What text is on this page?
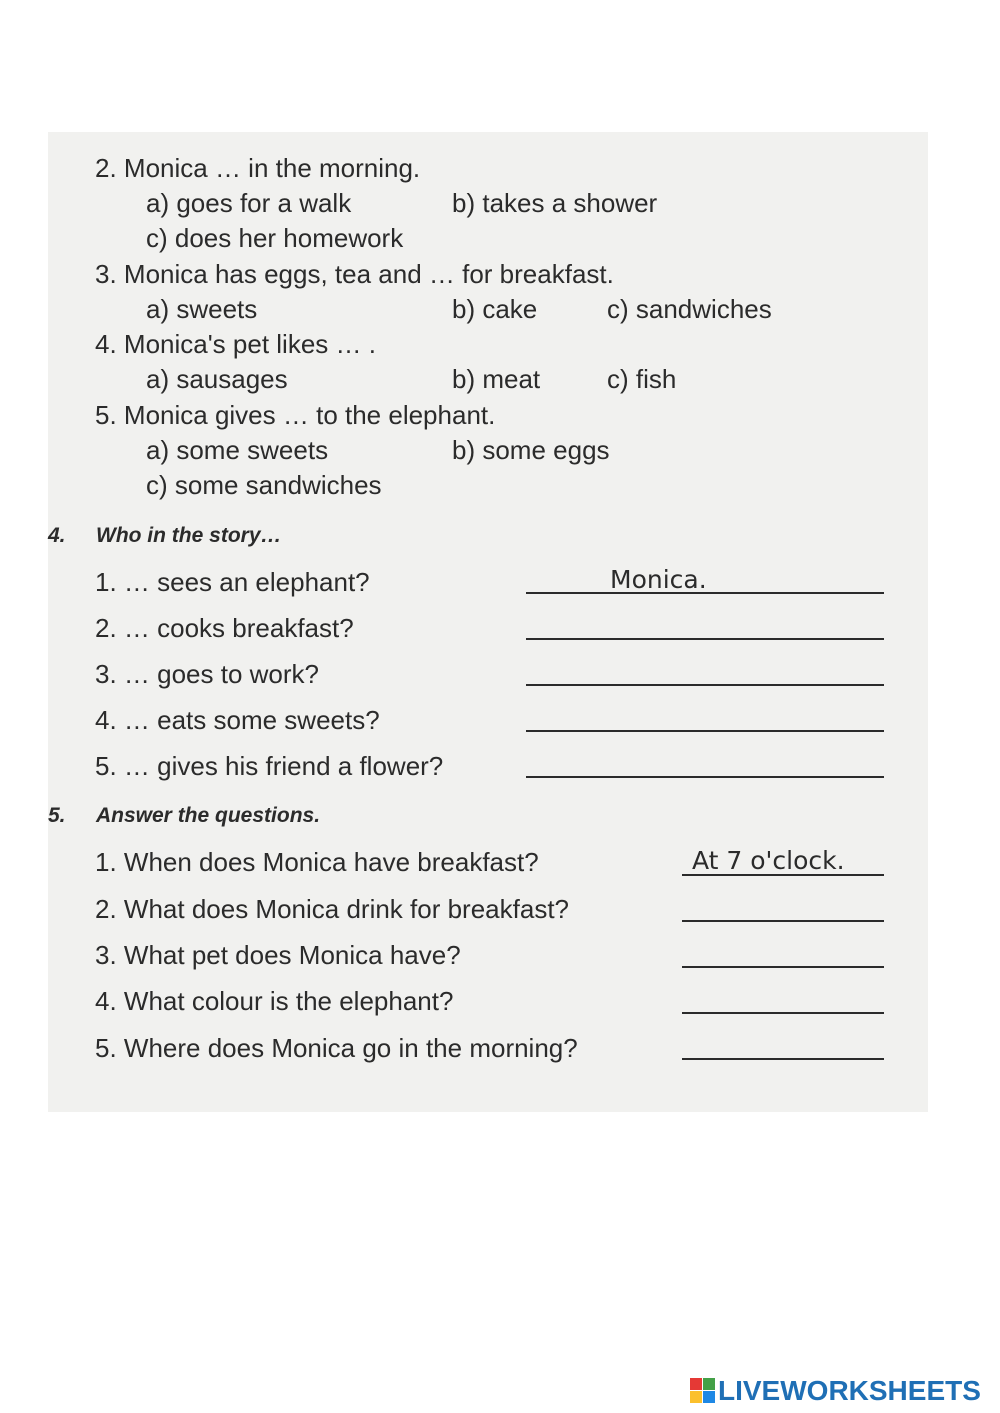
2. Monica … in the morning.
a) goes for a walk	b) takes a shower
c) does her homework
3. Monica has eggs, tea and … for breakfast.
a) sweets	b) cake	c) sandwiches
4. Monica's pet likes … .
a) sausages	b) meat	c) fish
5. Monica gives … to the elephant.
a) some sweets	b) some eggs
c) some sandwiches
4. Who in the story…
1. … sees an elephant?	Monica.
2. … cooks breakfast?
3. … goes to work?
4. … eats some sweets?
5. … gives his friend a flower?
5. Answer the questions.
1. When does Monica have breakfast?	At 7 o'clock.
2. What does Monica drink for breakfast?
3. What pet does Monica have?
4. What colour is the elephant?
5. Where does Monica go in the morning?
LIVEWORKSHEETS
